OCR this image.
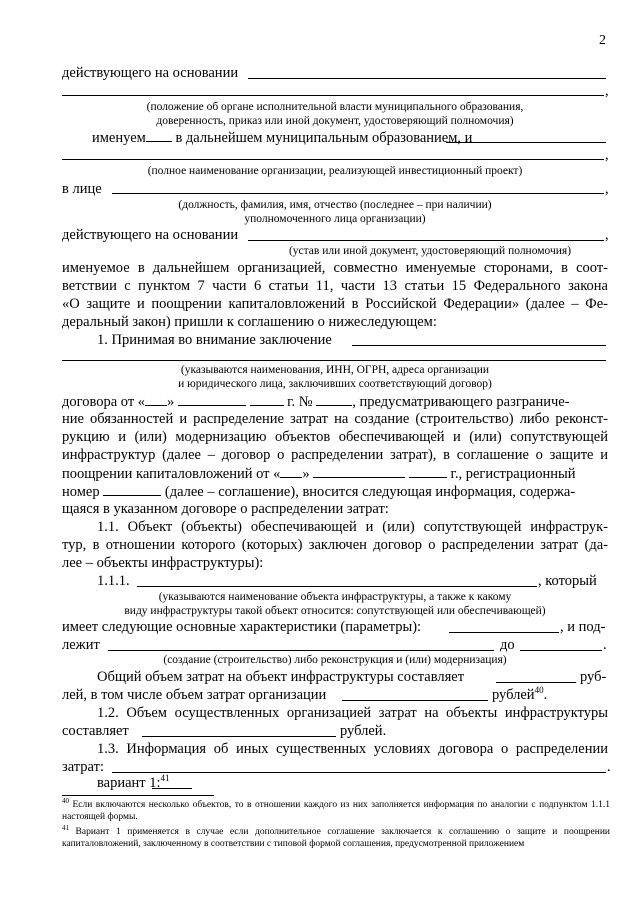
2
действующего на основании
,
(положение об органе исполнительной власти муниципального образования,
доверенность, приказ или иной документ, удостоверяющий полномочия)
именуем в дальнейшем муниципальным образованием, и
,
(полное наименование организации, реализующей инвестиционный проект)
в лице	,
(должность, фамилия, имя, отчество (последнее – при наличии)
уполномоченного лица организации)
действующего на основании	,
(устав или иной документ, удостоверяющий полномочия)
именуемое в дальнейшем организацией, совместно именуемые сторонами, в соот-
ветствии с пунктом 7 части 6 статьи 11, части 13 статьи 15 Федерального закона
«О защите и поощрении капиталовложений в Российской Федерации» (далее – Фе-
деральный закон) пришли к соглашению о нижеследующем:
1. Принимая во внимание заключение
(указываются наименования, ИНН, ОГРН, адреса организации
и юридического лица, заключивших соответствующий договор)
договора от « »	г. №	, предусматривающего разграниче-
ние обязанностей и распределение затрат на создание (строительство) либо реконст-
рукцию и (или) модернизацию объектов обеспечивающей и (или) сопутствующей
инфраструктур (далее – договор о распределении затрат), в соглашение о защите и
поощрении капиталовложений от « »	г., регистрационный
номер	(далее – соглашение), вносится следующая информация, содержа-
щаяся в указанном договоре о распределении затрат:
1.1. Объект (объекты) обеспечивающей и (или) сопутствующей инфраструк-
тур, в отношении которого (которых) заключен договор о распределении затрат (да-
лее – объекты инфраструктуры):
1.1.1.	, который
(указываются наименование объекта инфраструктуры, а также к какому
виду инфраструктуры такой объект относится: сопутствующей или обеспечивающей)
имеет следующие основные характеристики (параметры):	, и под-
лежит	до	.
(создание (строительство) либо реконструкция и (или) модернизация)
Общий объем затрат на объект инфраструктуры составляет	руб-
лей, в том числе объем затрат организации	рублей$^{40}$.
1.2. Объем осуществленных организацией затрат на объекты инфраструктуры
составляет	рублей.
1.3. Информация об иных существенных условиях договора о распределении
затрат:	.
вариант 1:$^{41}$
$^{40}$ Если включаются несколько объектов, то в отношении каждого из них заполняется информация по аналогии с подпунктом 1.1.1 настоящей формы.
$^{41}$ Вариант 1 применяется в случае если дополнительное соглашение заключается к соглашению о защите и поощрении капиталовложений, заключенному в соответствии с типовой формой соглашения, предусмотренной приложением
